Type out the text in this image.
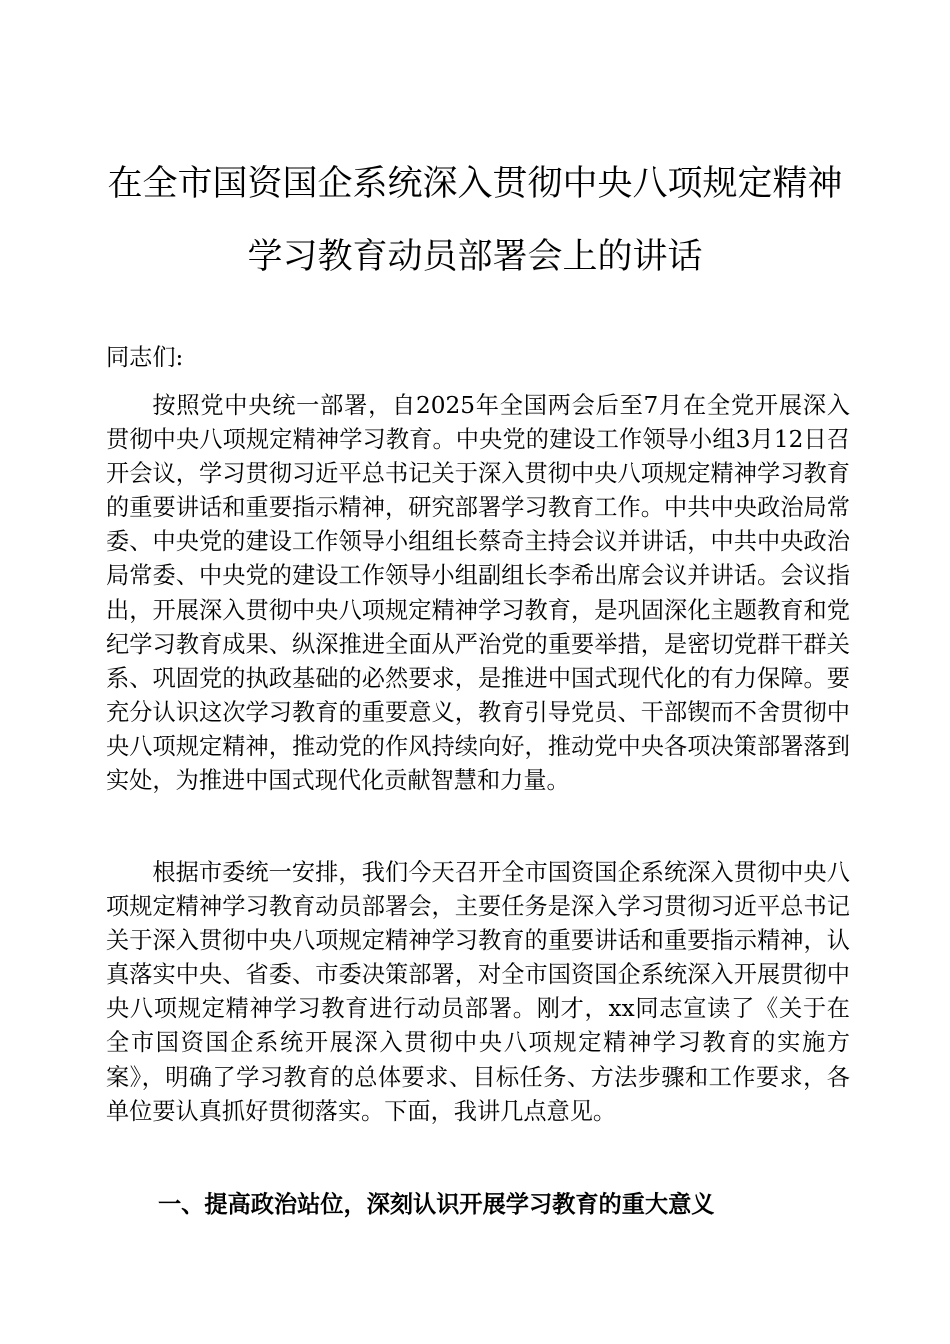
在全市国资国企系统深入贯彻中央八项规定精神
学习教育动员部署会上的讲话

同志们:

按照党中央统一部署，自2025年全国两会后至7月在全党开展深入贯彻中央八项规定精神学习教育。中央党的建设工作领导小组3月12日召开会议，学习贯彻习近平总书记关于深入贯彻中央八项规定精神学习教育的重要讲话和重要指示精神，研究部署学习教育工作。中共中央政治局常委、中央党的建设工作领导小组组长蔡奇主持会议并讲话，中共中央政治局常委、中央党的建设工作领导小组副组长李希出席会议并讲话。会议指出，开展深入贯彻中央八项规定精神学习教育，是巩固深化主题教育和党纪学习教育成果、纵深推进全面从严治党的重要举措，是密切党群干群关系、巩固党的执政基础的必然要求，是推进中国式现代化的有力保障。要充分认识这次学习教育的重要意义，教育引导党员、干部锲而不舍贯彻中央八项规定精神，推动党的作风持续向好，推动党中央各项决策部署落到实处，为推进中国式现代化贡献智慧和力量。

根据市委统一安排，我们今天召开全市国资国企系统深入贯彻中央八项规定精神学习教育动员部署会，主要任务是深入学习贯彻习近平总书记关于深入贯彻中央八项规定精神学习教育的重要讲话和重要指示精神，认真落实中央、省委、市委决策部署，对全市国资国企系统深入开展贯彻中央八项规定精神学习教育进行动员部署。刚才，xx同志宣读了《关于在全市国资国企系统开展深入贯彻中央八项规定精神学习教育的实施方案》，明确了学习教育的总体要求、目标任务、方法步骤和工作要求，各单位要认真抓好贯彻落实。下面，我讲几点意见。

一、提高政治站位，深刻认识开展学习教育的重大意义
